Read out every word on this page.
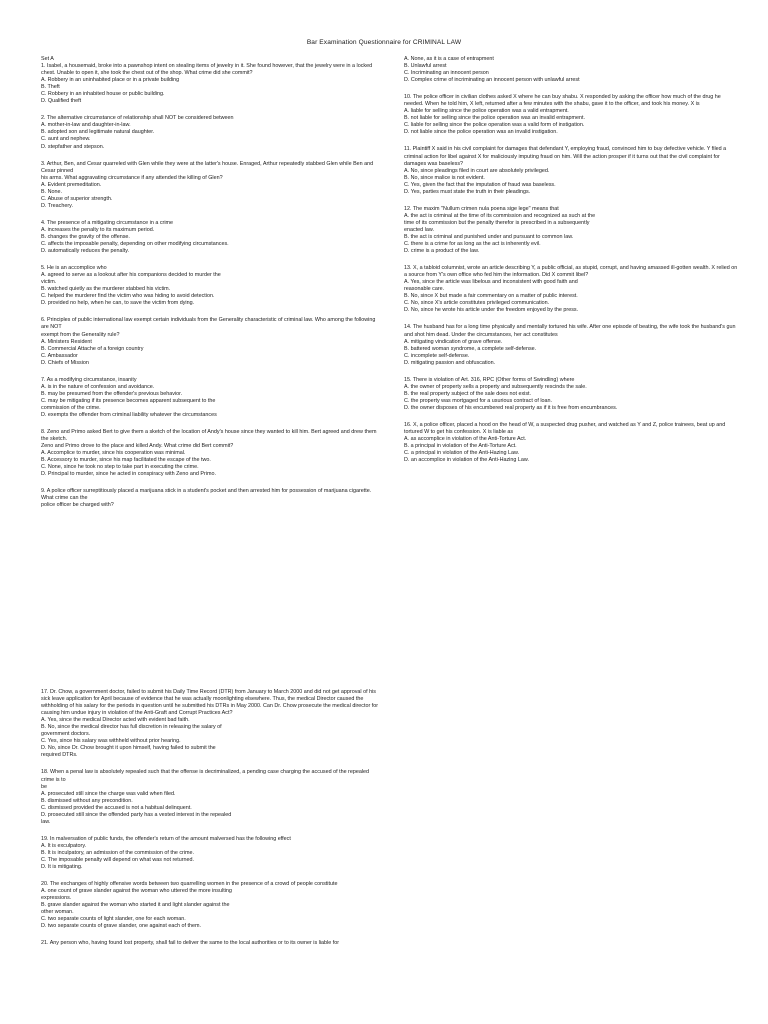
Bar Examination Questionnaire for CRIMINAL LAW

Set A

1. Isabel, a housemaid, broke into a pawnshop intent on stealing items of jewelry in it. She found however, that the jewelry were in a locked chest. Unable to open it, she took the chest out of the shop. What crime did she commit?

A. Robbery in an uninhabited place or in a private building

B. Theft

C. Robbery in an inhabited house or public building.

D. Qualified theft

2. The alternative circumstance of relationship shall NOT be considered between

A. mother-in-law and daughter-in-law.

B. adopted son and legitimate natural daughter.

C. aunt and nephew.

D. stepfather and stepson.

3. Arthur, Ben, and Cesar quarreled with Glen while they were at the latter's house. Enraged, Arthur repeatedly stabbed Glen while Ben and Cesar pinned
his arms. What aggravating circumstance if any attended the killing of Glen?

A. Evident premeditation.

B. None.

C. Abuse of superior strength.

D. Treachery.

4. The presence of a mitigating circumstance in a crime

A. increases the penalty to its maximum period.

B. changes the gravity of the offense.

C. affects the imposable penalty, depending on other modifying circumstances.

D. automatically reduces the penalty.

5. He is an accomplice who

A. agreed to serve as a lookout after his companions decided to murder the
victim.

B. watched quietly as the murderer stabbed his victim.

C. helped the murderer find the victim who was hiding to avoid detection.

D. provided no help, when he can, to save the victim from dying.

6. Principles of public international law exempt certain individuals from the Generality characteristic of criminal law. Who among the following are NOT
exempt from the Generality rule?

A. Ministers Resident

B. Commercial Attache of a foreign country

C. Ambassador

D. Chiefs of Mission

7. As a modifying circumstance, insanity

A. is in the nature of confession and avoidance.

B. may be presumed from the offender's previous behavior.

C. may be mitigating if its presence becomes apparent subsequent to the
commission of the crime.

D. exempts the offender from criminal liability whatever the circumstances

8. Zeno and Primo asked Bert to give them a sketch of the location of Andy's house since they wanted to kill him. Bert agreed and drew them the sketch.
Zeno and Primo drove to the place and killed Andy. What crime did Bert commit?

A. Accomplice to murder, since his cooperation was minimal.

B. Accessory to murder, since his map facilitated the escape of the two.

C. None, since he took no step to take part in executing the crime.

D. Principal to murder, since he acted in conspiracy with Zeno and Primo.

9. A police officer surreptitiously placed a marijuana stick in a student's pocket and then arrested him for possession of marijuana cigarette. What crime can the
police officer be charged with?

A. None, as it is a case of entrapment

B. Unlawful arrest

C. Incriminating an innocent person

D. Complex crime of incriminating an innocent person with unlawful arrest

10. The police officer in civilian clothes asked X where he can buy shabu. X responded by asking the officer how much of the drug he needed. When he told him, X left, returned after a few minutes with the shabu, gave it to the officer, and took his money. X is

A. liable for selling since the police operation was a valid entrapment.

B. not liable for selling since the police operation was an invalid entrapment.

C. liable for selling since the police operation was a valid form of instigation.

D. not liable since the police operation was an invalid instigation.

11. Plaintiff X said in his civil complaint for damages that defendant Y, employing fraud, convinced him to buy defective vehicle. Y filed a criminal action for libel against X for maliciously imputing fraud on him. Will the action prosper if it turns out that the civil complaint for damages was baseless?

A. No, since pleadings filed in court are absolutely privileged.

B. No, since malice is not evident.

C. Yes, given the fact that the imputation of fraud was baseless.

D. Yes, parties must state the truth in their pleadings.

12. The maxim "Nullum crimen nula poena sige lege" means that

A. the act is criminal at the time of its commission and recognized as such at the
time of its commission but the penalty therefor is prescribed in a subsequently
enacted law.

B. the act is criminal and punished under and pursuant to common law.

C. there is a crime for as long as the act is inherently evil.

D. crime is a product of the law.

13. X, a tabloid columnist, wrote an article describing Y, a public official, as stupid, corrupt, and having amassed ill-gotten wealth. X relied on a source from Y's own office who fed him the information. Did X commit libel?

A. Yes, since the article was libelous and inconsistent with good faith and
reasonable care.

B. No, since X but made a fair commentary on a matter of public interest.

C. No, since X's article constitutes privileged communication.

D. No, since he wrote his article under the freedom enjoyed by the press.

14. The husband has for a long time physically and mentally tortured his wife. After one episode of beating, the wife took the husband's gun and shot him dead. Under the circumstances, her act constitutes

A. mitigating vindication of grave offense.

B. battered woman syndrome, a complete self-defense.

C. incomplete self-defense.

D. mitigating passion and obfuscation.

15. There is violation of Art. 316, RPC (Other forms of Swindling) where

A. the owner of property sells a property and subsequently rescinds the sale.

B. the real property subject of the sale does not exist.

C. the property was mortgaged for a usurious contract of loan.

D. the owner disposes of his encumbered real property as if it is free from encumbrances.

16. X, a police officer, placed a hood on the head of W, a suspected drug pusher, and watched as Y and Z, police trainees, beat up and tortured W to get his confession. X is liable as

A. as accomplice in violation of the Anti-Torture Act.

B. a principal in violation of the Anti-Torture Act.

C. a principal in violation of the Anti-Hazing Law.

D. an accomplice in violation of the Anti-Hazing Law.

17. Dr. Chow, a government doctor, failed to submit his Daily Time Record (DTR) from January to March 2000 and did not get approval of his sick leave application for April because of evidence that he was actually moonlighting elsewhere. Thus, the medical Director caused the withholding of his salary for the periods in question until he submitted his DTRs in May 2000. Can Dr. Chow prosecute the medical director for causing him undue injury in violation of the Anti-Graft and Corrupt Practices Act?

A. Yes, since the medical Director acted with evident bad faith.

B. No, since the medical director has full discretion in releasing the salary of
government doctors.

C. Yes, since his salary was withheld without prior hearing.

D. No, since Dr. Chow brought it upon himself, having failed to submit the
required DTRs.

18. When a penal law is absolutely repealed such that the offense is decriminalized, a pending case charging the accused of the repealed crime is to
be

A. prosecuted still since the charge was valid when filed.

B. dismissed without any precondition.

C. dismissed provided the accused is not a habitual delinquent.

D. prosecuted still since the offended party has a vested interest in the repealed
law.

19. In malversation of public funds, the offender's return of the amount malversed has the following effect

A. It is exculpatory.

B. It is inculpatory, an admission of the commission of the crime.

C. The imposable penalty will depend on what was not returned.

D. It is mitigating.

20. The exchanges of highly offensive words between two quarrelling women in the presence of a crowd of people constitute

A. one count of grave slander against the woman who uttered the more insulting
expressions.

B. grave slander against the woman who started it and light slander against the
other woman.

C. two separate counts of light slander, one for each woman.

D. two separate counts of grave slander, one against each of them.

21. Any person who, having found lost property, shall fail to deliver the same to the local authorities or to its owner is liable for
